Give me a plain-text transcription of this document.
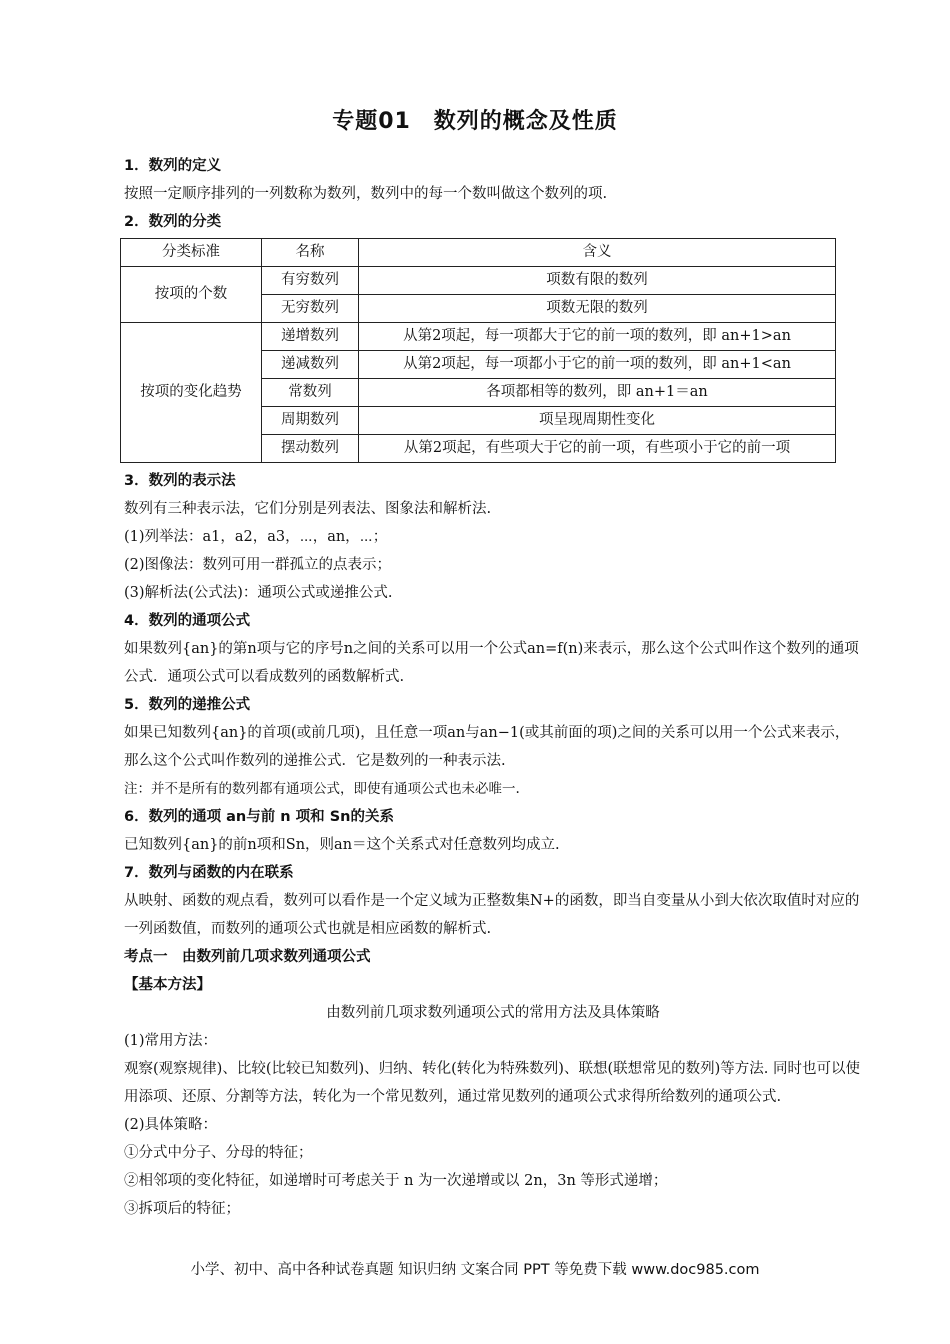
专题01　数列的概念及性质
1．数列的定义

按照一定顺序排列的一列数称为数列，数列中的每一个数叫做这个数列的项.

2．数列的分类
分类标准	名称	含义
按项的个数	有穷数列	项数有限的数列
	无穷数列	项数无限的数列
按项的变化趋势	递增数列	从第2项起，每一项都大于它的前一项的数列，即 an+1>an
	递减数列	从第2项起，每一项都小于它的前一项的数列，即 an+1<an
	常数列	各项都相等的数列，即 an+1＝an
	周期数列	项呈现周期性变化
	摆动数列	从第2项起，有些项大于它的前一项，有些项小于它的前一项
3．数列的表示法

数列有三种表示法，它们分别是列表法、图象法和解析法.

(1)列举法：a1，a2，a3，⋯，an，⋯；

(2)图像法：数列可用一群孤立的点表示；

(3)解析法(公式法)：通项公式或递推公式.

4．数列的通项公式

如果数列{an}的第n项与它的序号n之间的关系可以用一个公式an=f(n)来表示，那么这个公式叫作这个数列的通项公式．通项公式可以看成数列的函数解析式.

5．数列的递推公式

如果已知数列{an}的首项(或前几项)，且任意一项an与an−1(或其前面的项)之间的关系可以用一个公式来表示，那么这个公式叫作数列的递推公式．它是数列的一种表示法.

注：并不是所有的数列都有通项公式，即使有通项公式也未必唯一.

6．数列的通项 an与前 n 项和 Sn的关系

已知数列{an}的前n项和Sn，则an＝这个关系式对任意数列均成立.

7．数列与函数的内在联系

从映射、函数的观点看，数列可以看作是一个定义域为正整数集N+的函数，即当自变量从小到大依次取值时对应的一列函数值，而数列的通项公式也就是相应函数的解析式.

考点一　由数列前几项求数列通项公式
【基本方法】

由数列前几项求数列通项公式的常用方法及具体策略

(1)常用方法：

观察(观察规律)、比较(比较已知数列)、归纳、转化(转化为特殊数列)、联想(联想常见的数列)等方法. 同时也可以使用添项、还原、分割等方法，转化为一个常见数列，通过常见数列的通项公式求得所给数列的通项公式.

(2)具体策略：

①分式中分子、分母的特征；

②相邻项的变化特征，如递增时可考虑关于 n 为一次递增或以 2n，3n 等形式递增；

③拆项后的特征；

小学、初中、高中各种试卷真题 知识归纳 文案合同 PPT 等免费下载 www.doc985.com
